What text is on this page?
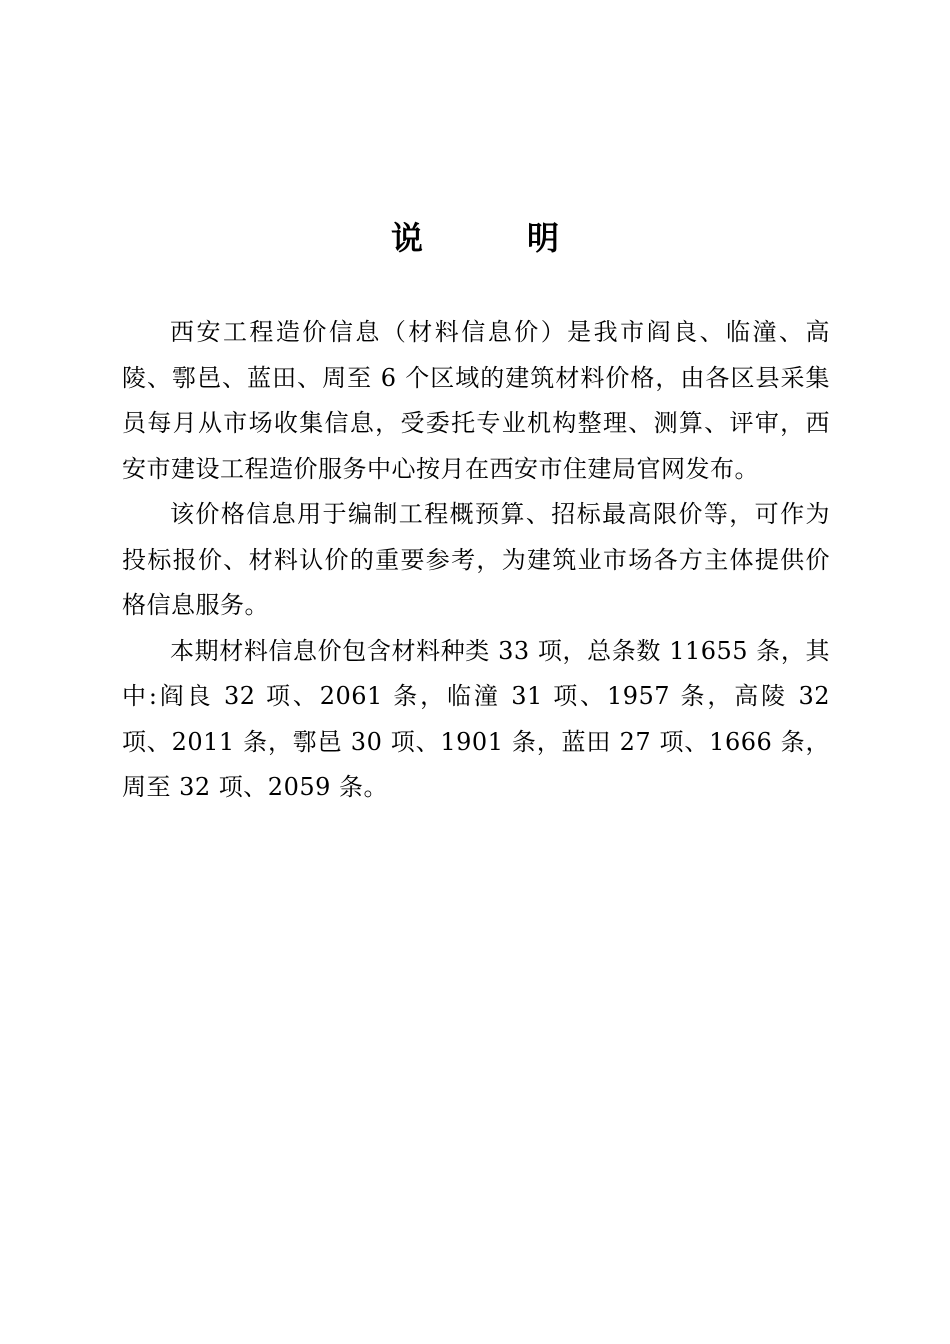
说　明

西安工程造价信息（材料信息价）是我市阎良、临潼、高陵、鄠邑、蓝田、周至 6 个区域的建筑材料价格，由各区县采集员每月从市场收集信息，受委托专业机构整理、测算、评审，西安市建设工程造价服务中心按月在西安市住建局官网发布。

该价格信息用于编制工程概预算、招标最高限价等，可作为投标报价、材料认价的重要参考，为建筑业市场各方主体提供价格信息服务。

本期材料信息价包含材料种类 33 项，总条数 11655 条，其中:阎良 32 项、2061 条，临潼 31 项、1957 条，高陵 32 项、2011 条，鄠邑 30 项、1901 条，蓝田 27 项、1666 条，周至 32 项、2059 条。
